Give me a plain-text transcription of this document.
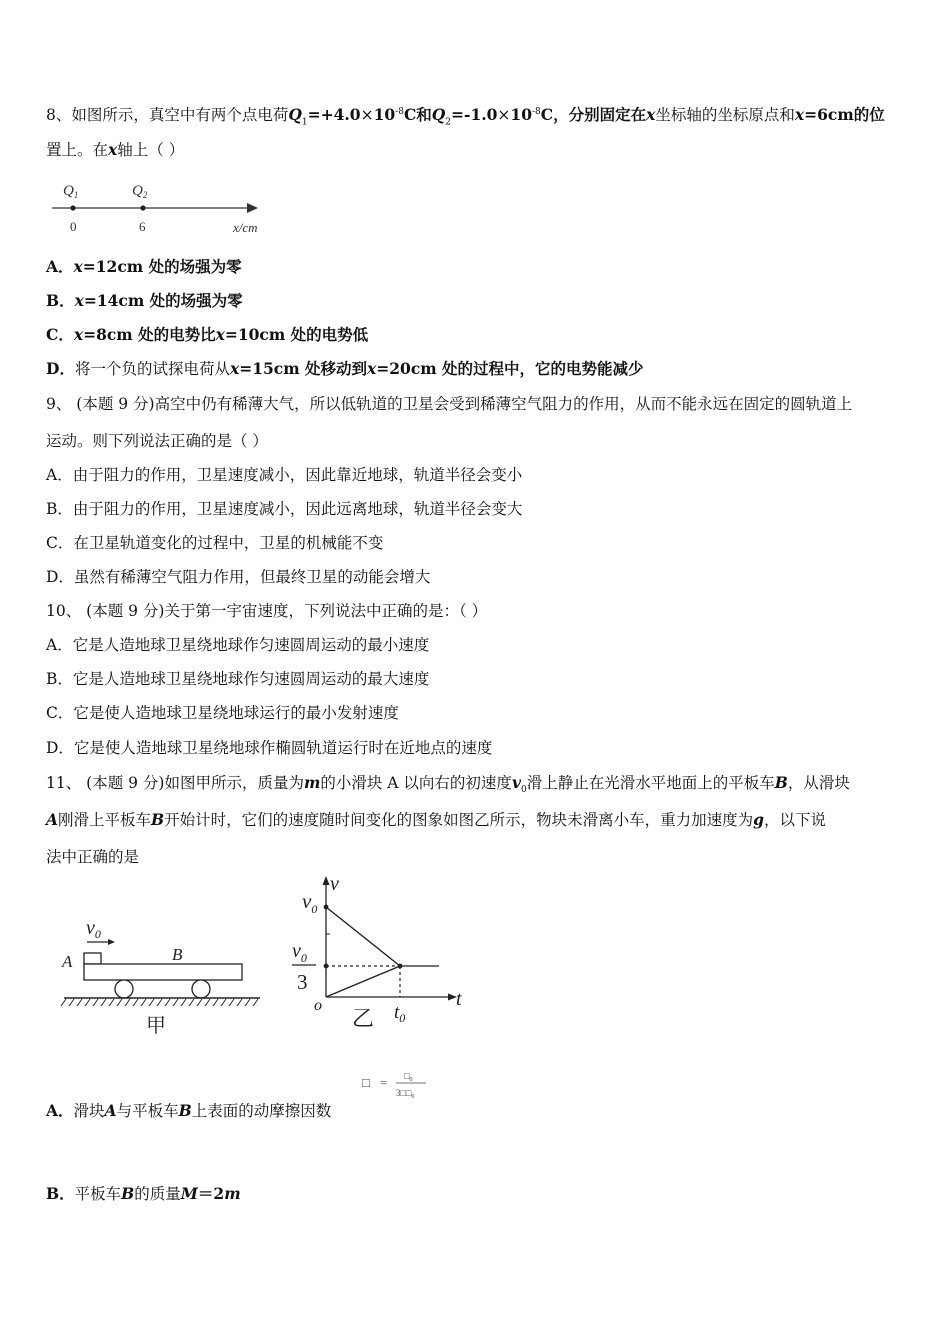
8、如图所示，真空中有两个点电荷$Q_1=+4.0\times 10^{-8}C$和$Q_2=-1.0\times 10^{-8}C$，分别固定在x坐标轴的坐标原点和x=6cm的位
置上。在x轴上（ ）
$Q_1$	$Q_2$
0	6	x/cm
A．x=12cm 处的场强为零
B．x=14cm 处的场强为零
C．x=8cm 处的电势比x=10cm 处的电势低
D．将一个负的试探电荷从x=15cm 处移动到x=20cm 处的过程中，它的电势能减少
9、 (本题 9 分)高空中仍有稀薄大气，所以低轨道的卫星会受到稀薄空气阻力的作用，从而不能永远在固定的圆轨道上
运动。则下列说法正确的是（ ）
A．由于阻力的作用，卫星速度减小，因此靠近地球，轨道半径会变小
B．由于阻力的作用，卫星速度减小，因此远离地球，轨道半径会变大
C．在卫星轨道变化的过程中，卫星的机械能不变
D．虽然有稀薄空气阻力作用，但最终卫星的动能会增大
10、 (本题 9 分)关于第一宇宙速度，下列说法中正确的是：（ ）
A．它是人造地球卫星绕地球作匀速圆周运动的最小速度
B．它是人造地球卫星绕地球作匀速圆周运动的最大速度
C．它是使人造地球卫星绕地球运行的最小发射速度
D．它是使人造地球卫星绕地球作椭圆轨道运行时在近地点的速度
11、 (本题 9 分)如图甲所示，质量为m的小滑块 A 以向右的初速度$v_0$滑上静止在光滑水平地面上的平板车B，从滑块
A刚滑上平板车B开始计时，它们的速度随时间变化的图象如图乙所示，物块未滑离小车，重力加速度为g，以下说
法中正确的是
$v_0$
A	B
甲
v
t
o
$v_0$
$v_0$
3
$t_0$
乙
□ = $□_0$
$3□□_0$
A．滑块A与平板车B上表面的动摩擦因数
B．平板车B的质量M＝2m
